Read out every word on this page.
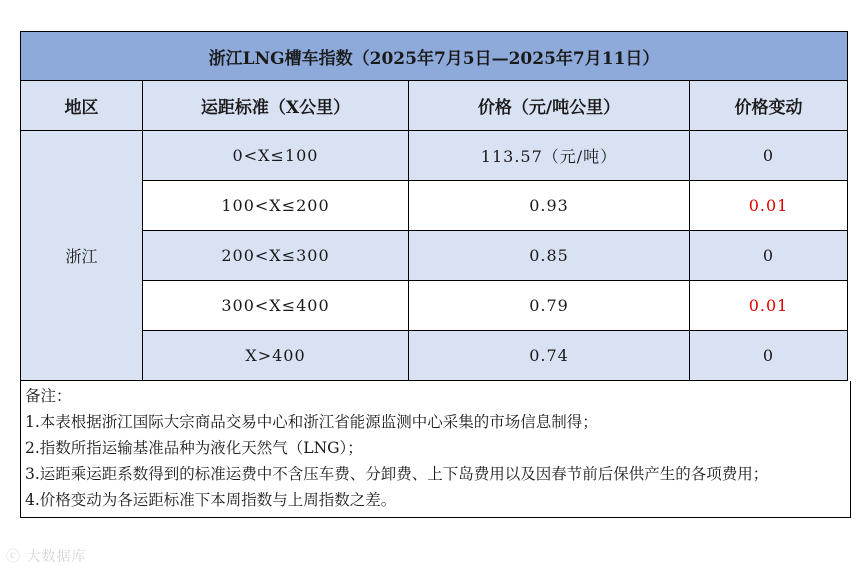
浙江LNG槽车指数（2025年7月5日—2025年7月11日）			
地区	运距标准（X公里）	价格（元/吨公里）	价格变动
浙江	0<X≤100	113.57（元/吨）	0
	100<X≤200	0.93	0.01
	200<X≤300	0.85	0
	300<X≤400	0.79	0.01
	X>400	0.74	0
备注：
1.本表根据浙江国际大宗商品交易中心和浙江省能源监测中心采集的市场信息制得；
2.指数所指运输基准品种为液化天然气（LNG）；
3.运距乘运距系数得到的标准运费中不含压车费、分卸费、上下岛费用以及因春节前后保供产生的各项费用；
4.价格变动为各运距标准下本周指数与上周指数之差。
ⓒ 大数据库
